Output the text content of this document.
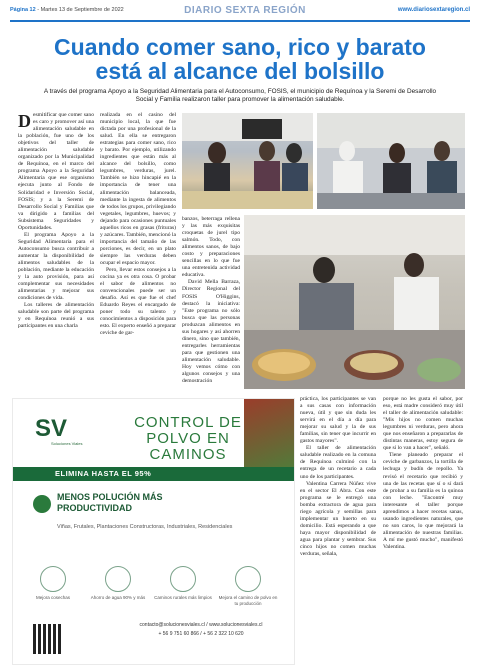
Página 12 - Martes 13 de Septiembre de 2022	DIARIO SEXTA REGIÓN	www.diariosextaregion.cl
Cuando comer sano, rico y barato está al alcance del bolsillo
A través del programa Apoyo a la Seguridad Alimentaria para el Autoconsumo, FOSIS, el municipio de Requínoa y la Seremi de Desarrollo Social y Familia realizaron taller para promover la alimentación saludable.

Desmitificar que comer sano es caro y promover así una alimentación saludable en la población, fue uno de los objetivos del taller de alimentación saludable organizado por la Municipalidad de Requínoa, en el marco del programa Apoyo a la Seguridad Alimentaria que ese organismo ejecuta junto al Fondo de Solidaridad e Inversión Social, FOSIS; y a la Seremi de Desarrollo Social y Familias que va dirigido a familias del Subsistema Seguridades y Oportunidades.

El programa Apoyo a la Seguridad Alimentaria para el Autoconsumo busca contribuir a aumentar la disponibilidad de alimentos saludables de la población, mediante la educación y la auto provisión, para así complementar sus necesidades alimentarias y mejorar sus condiciones de vida.

Los talleres de alimentación saludable son parte del programa y en Requínoa reunió a sus participantes en una charla

realizada en el casino del municipio local, la que fue dictada por una profesional de la salud. En ella se entregaron estrategias para comer sano, rico y barato. Por ejemplo, utilizando ingredientes que están más al alcance del bolsillo, como legumbres, verduras, jurel. También se hizo hincapié en la importancia de tener una alimentación balanceada, mediante la ingesta de alimentos de todos los grupos, privilegiando vegetales, legumbres, huevos; y dejando para ocasiones puntuales aquellos ricos en grasas (frituras) y azúcares. También, mencionó la importancia del tamaño de las porciones, es decir, en un plato siempre las verduras deben ocupar el espacio mayor.

Pero, llevar estos consejos a la cocina ya es otra cosa. O probar el sabor de alimentos no convencionales puede ser un desafío. Así es que fue el chef Eduardo Reyes el encargado de poner todo su talento y conocimientos a disposición para esto. El experto enseñó a preparar ceviche de gar-

banzos, beterraga rellena y las más exquisitas croquetas de jurel tipo salmón. Todo, con alimentos sanos, de bajo costo y preparaciones sencillas en lo que fue una entretenida actividad educativa.

David Mella Barraza, Director Regional del FOSIS O'Higgins, destacó la iniciativa: "Este programa no sólo busca que las personas produzcan alimentos en sus hogares y así ahorren dinero, sino que también, entregarles herramientas para que gestionen una alimentación saludable. Hoy vemos cómo con algunos consejos y una demostración

práctica, los participantes se van a sus casas con información nueva, útil y que sin duda les servirá en el día a día para mejorar su salud y la de sus familias, sin tener que incurrir en gastos mayores".

El taller de alimentación saludable realizado en la comuna de Requínoa culminó con la entrega de un recetario a cada uno de los participantes.

Valentina Carrera Núñez vive en el sector El Abra. Con este programa se le entregó una bomba extractora de agua para riego agrícola y semillas para implementar un huerto en su domicilio. Está esperando a que haya mayor disponibilidad de agua para plantar y sembrar. Sus cinco hijos no comen muchas verduras, señala,

porque no les gusta el sabor, por eso, está madre consideró muy útil el taller de alimentación saludable: "Mis hijos no comen muchas legumbres ni verduras, pero ahora que nos enseñaron a prepararlas de distintas maneras, estoy segura de que sí lo van a hacer", señaló.

Tiene planeado preparar el ceviche de garbanzos, la tortilla de lechuga y budín de repollo. Ya revisó el recetario que recibió y una de las recetas que sí o sí dará de probar a su familia es la quinoa con leche. "Encontré muy interesante el taller porque aprendimos a hacer recetas sanas, usando ingredientes naturales, que no son caros, lo que mejorará la alimentación de nuestras familias. A mí me gustó mucho", manifestó Valentina.

SV
Soluciones Viales
CONTROL DE POLVO EN CAMINOS
ELIMINA HASTA EL 95%
MENOS POLUCIÓN MÁS PRODUCTIVIDAD
Viñas, Frutales, Plantaciones Constructoras, Industriales, Residenciales
Mejora cosechas	Ahorro de agua 90% y más	Caminos rurales más limpios Mejora el camino de polvo en tu producción
contacto@solucionesviales.cl / www.solucionesviales.cl
+ 56 9 751 60 866 / + 56 2 322 10 620
